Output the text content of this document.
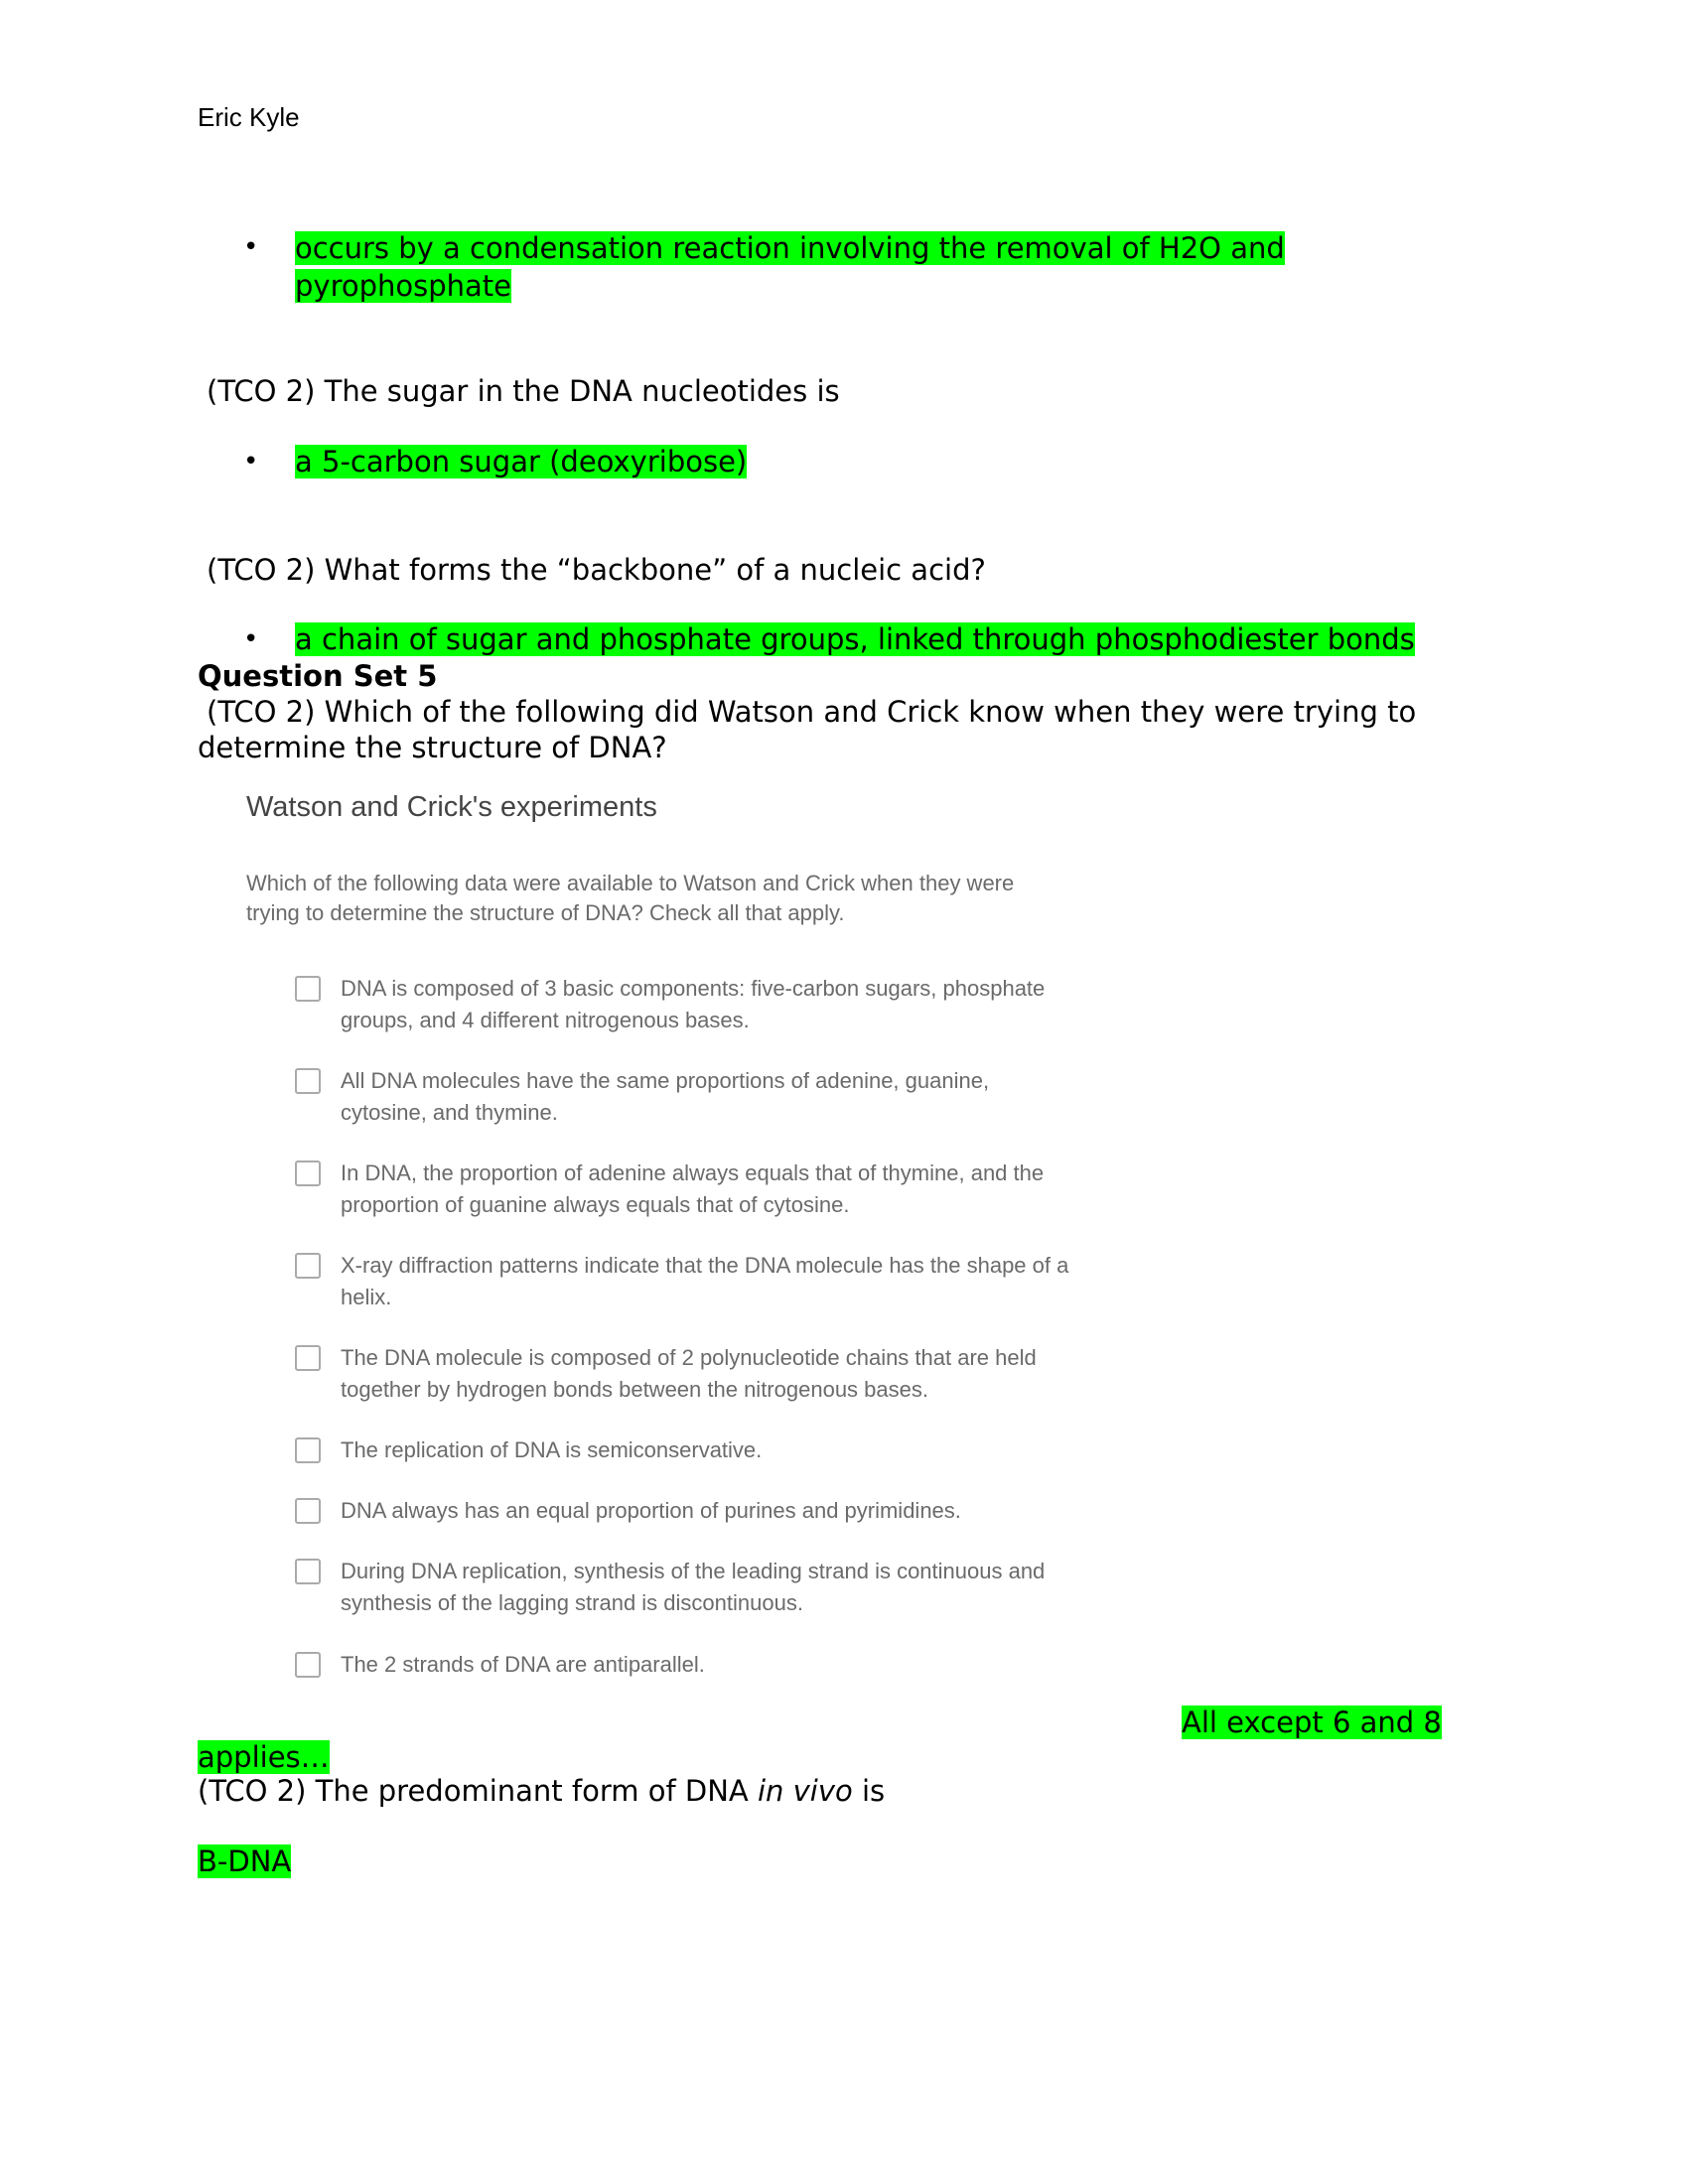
Eric Kyle
• occurs by a condensation reaction involving the removal of H2O and
pyrophosphate
(TCO 2) The sugar in the DNA nucleotides is
• a 5-carbon sugar (deoxyribose)
(TCO 2) What forms the “backbone” of a nucleic acid?
• a chain of sugar and phosphate groups, linked through phosphodiester bonds
Question Set 5
(TCO 2) Which of the following did Watson and Crick know when they were trying to
determine the structure of DNA?
Watson and Crick's experiments
Which of the following data were available to Watson and Crick when they were
trying to determine the structure of DNA? Check all that apply.
DNA is composed of 3 basic components: five-carbon sugars, phosphate
groups, and 4 different nitrogenous bases.
All DNA molecules have the same proportions of adenine, guanine,
cytosine, and thymine.
In DNA, the proportion of adenine always equals that of thymine, and the
proportion of guanine always equals that of cytosine.
X-ray diffraction patterns indicate that the DNA molecule has the shape of a
helix.
The DNA molecule is composed of 2 polynucleotide chains that are held
together by hydrogen bonds between the nitrogenous bases.
The replication of DNA is semiconservative.
DNA always has an equal proportion of purines and pyrimidines.
During DNA replication, synthesis of the leading strand is continuous and
synthesis of the lagging strand is discontinuous.
The 2 strands of DNA are antiparallel.
All except 6 and 8
applies…
(TCO 2) The predominant form of DNA in vivo is
B-DNA
